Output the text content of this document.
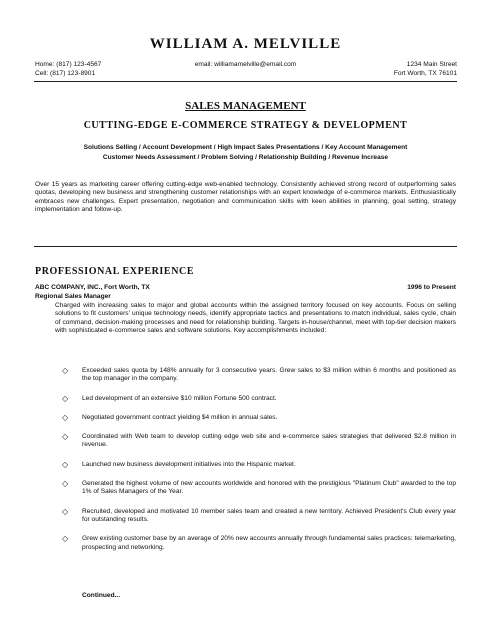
WILLIAM A. MELVILLE
Home: (817) 123-4567
Cell: (817) 123-8901
email: williamamelville@email.com	1234 Main Street
Fort Worth, TX 76101
SALES MANAGEMENT
CUTTING-EDGE E-COMMERCE STRATEGY & DEVELOPMENT
Solutions Selling / Account Development / High Impact Sales Presentations / Key Account Management
Customer Needs Assessment / Problem Solving / Relationship Building / Revenue Increase
Over 15 years as marketing career offering cutting-edge web-enabled technology. Consistently achieved strong record of outperforming sales quotas, developing new business and strengthening customer relationships with an expert knowledge of e-commerce markets. Enthusiastically embraces new challenges. Expert presentation, negotiation and communication skills with keen abilities in planning, goal setting, strategy implementation and follow-up.
PROFESSIONAL EXPERIENCE
ABC COMPANY, INC., Fort Worth, TX	1996 to Present
Regional Sales Manager
Charged with increasing sales to major and global accounts within the assigned territory focused on key accounts. Focus on selling solutions to fit customers' unique technology needs, identify appropriate tactics and presentations to match individual, sales cycle, chain of command, decision-making processes and need for relationship building. Targets in-house/channel, meet with top-tier decision makers with sophisticated e-commerce sales and software solutions. Key accomplishments included:
◇ Exceeded sales quota by 148% annually for 3 consecutive years. Grew sales to $3 million within 6 months and positioned as the top manager in the company.
◇ Led development of an extensive $10 million Fortune 500 contract.
◇ Negotiated government contract yielding $4 million in annual sales.
◇ Coordinated with Web team to develop cutting edge web site and e-commerce sales strategies that delivered $2.8 million in revenue.
◇ Launched new business development initiatives into the Hispanic market.
◇ Generated the highest volume of new accounts worldwide and honored with the prestigious "Platinum Club" awarded to the top 1% of Sales Managers of the Year.
◇ Recruited, developed and motivated 10 member sales team and created a new territory. Achieved President's Club every year for outstanding results.
◇ Grew existing customer base by an average of 20% new accounts annually through fundamental sales practices: telemarketing, prospecting and networking.
Continued...
